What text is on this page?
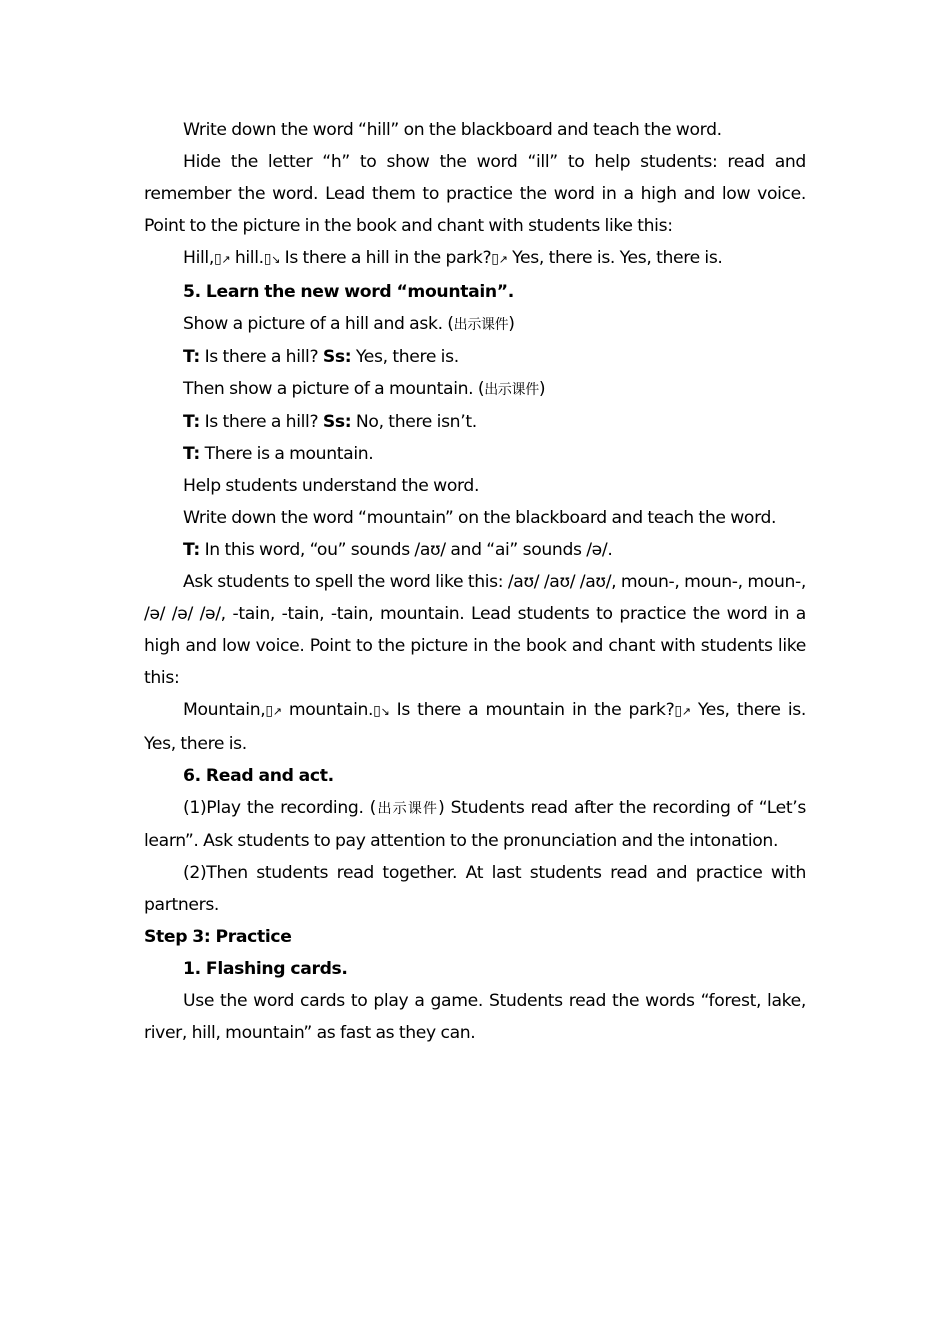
Write down the word “hill” on the blackboard and teach the word.

Hide the letter “h” to show the word “ill” to help students: read and remember the word. Lead them to practice the word in a high and low voice. Point to the picture in the book and chant with students like this:

Hill,▯↗ hill.▯↘ Is there a hill in the park?▯↗ Yes, there is. Yes, there is.

5. Learn the new word “mountain”.

Show a picture of a hill and ask. (出示课件)

T: Is there a hill? Ss: Yes, there is.

Then show a picture of a mountain. (出示课件)

T: Is there a hill? Ss: No, there isn’t.

T: There is a mountain.

Help students understand the word.

Write down the word “mountain” on the blackboard and teach the word.

T: In this word, “ou” sounds /aʊ/ and “ai” sounds /ə/.

Ask students to spell the word like this: /aʊ/ /aʊ/ /aʊ/, moun-, moun-, moun-, /ə/ /ə/ /ə/, -tain, -tain, -tain, mountain. Lead students to practice the word in a high and low voice. Point to the picture in the book and chant with students like this:

Mountain,▯↗ mountain.▯↘ Is there a mountain in the park?▯↗ Yes, there is. Yes, there is.

6. Read and act.

(1)Play the recording. (出示课件) Students read after the recording of “Let’s learn”. Ask students to pay attention to the pronunciation and the intonation.

(2)Then students read together. At last students read and practice with partners.

Step 3: Practice

1. Flashing cards.

Use the word cards to play a game. Students read the words “forest, lake, river, hill, mountain” as fast as they can.
